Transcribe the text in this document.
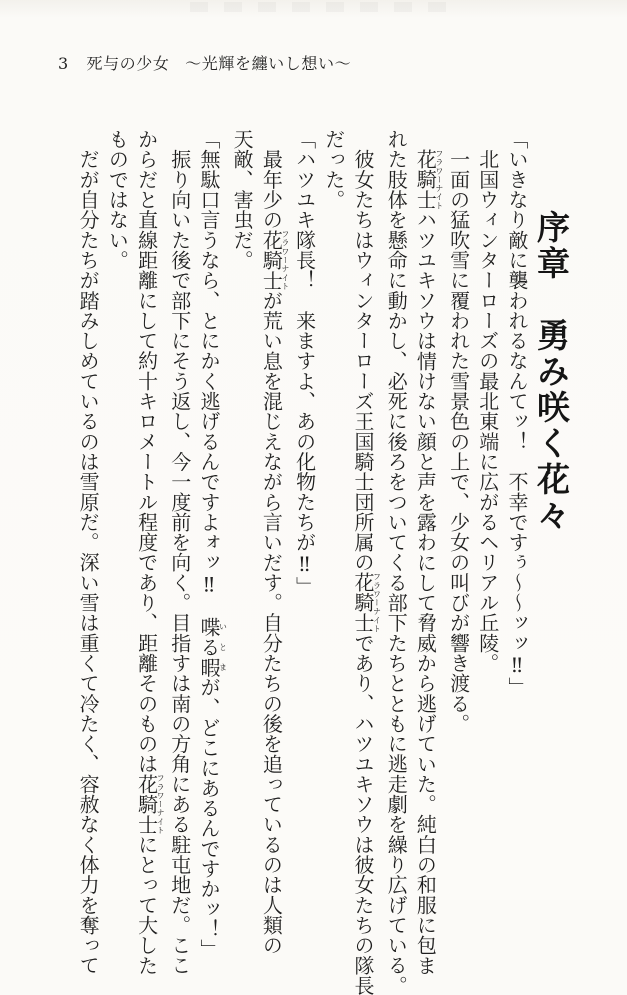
3 死与の少女 ～光輝を纏いし想い～
序章　勇み咲く花々
「いきなり敵に襲われるなんてッ！　不幸ですぅ～～ッッ‼」
　北国ウィンターローズの最北東端に広がるヘリアル丘陵。
　一面の猛吹雪に覆われた雪景色の上で、少女の叫びが響き渡る。
　花騎士フラワーナイトハツユキソウは情けない顔と声を露わにして脅威から逃げていた。純白の和服に包ま
れた肢体を懸命に動かし、必死に後ろをついてくる部下たちとともに逃走劇を繰り広げている。
　彼女たちはウィンターローズ王国騎士団所属の花騎士フラワーナイトであり、ハツユキソウは彼女たちの隊長
だった。
「ハツユキ隊長！　来ますよ、あの化物たちが‼」
　最年少の花騎士フラワーナイトが荒い息を混じえながら言いだす。自分たちの後を追っているのは人類の
天敵、害虫だ。
「無駄口言うなら、とにかく逃げるんですよォッ‼　喋る暇いとまが、どこにあるんですかッ！」
　振り向いた後で部下にそう返し、今一度前を向く。目指すは南の方角にある駐屯地だ。ここ
からだと直線距離にして約十キロメートル程度であり、距離そのものは花騎士フラワーナイトにとって大した
ものではない。
　だが自分たちが踏みしめているのは雪原だ。深い雪は重くて冷たく、容赦なく体力を奪って
